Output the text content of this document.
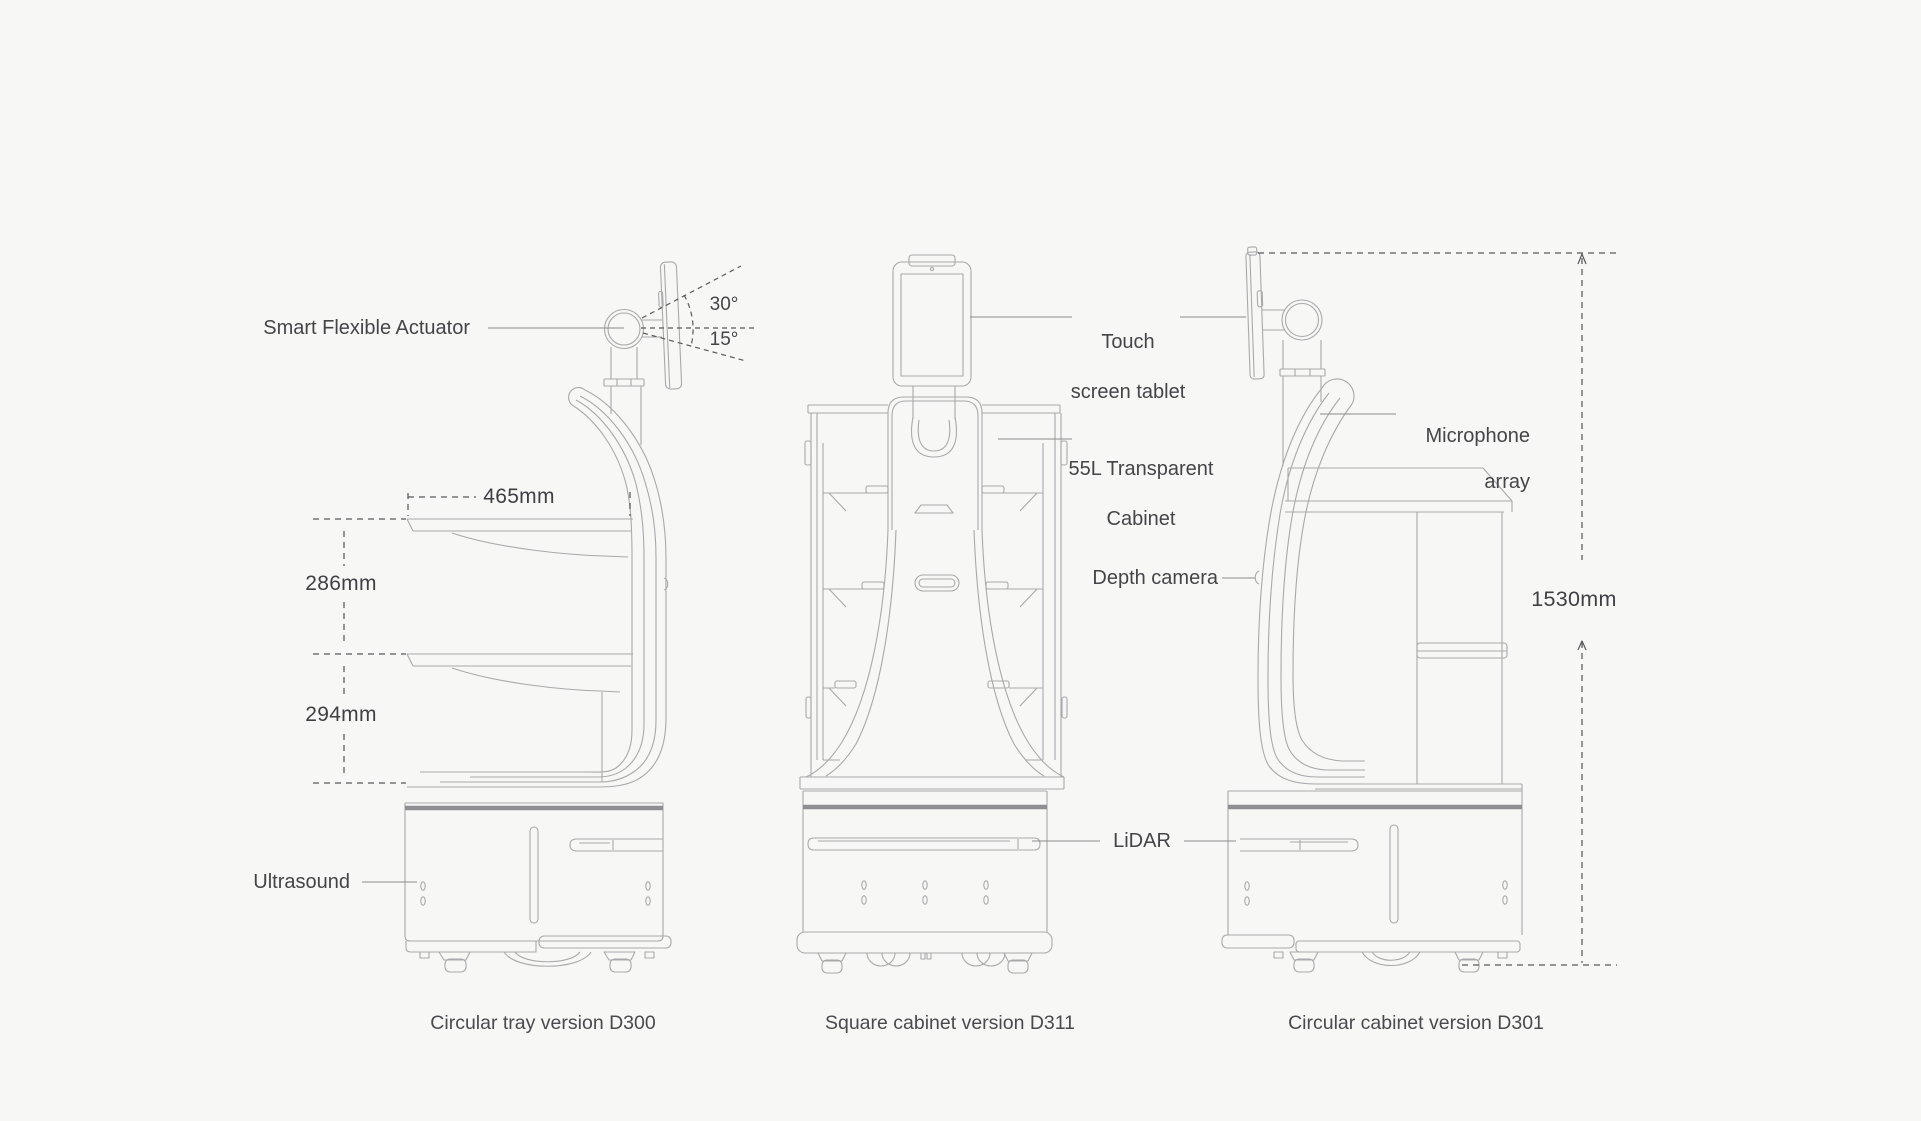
Smart Flexible Actuator
30°
15°
465mm
286mm
294mm
Ultrasound

Touch

screen tablet

55L Transparent

Cabinet

Depth camera
LiDAR

Microphone

array

1530mm
Circular tray version D300	Square cabinet version D311	Circular cabinet version D301
